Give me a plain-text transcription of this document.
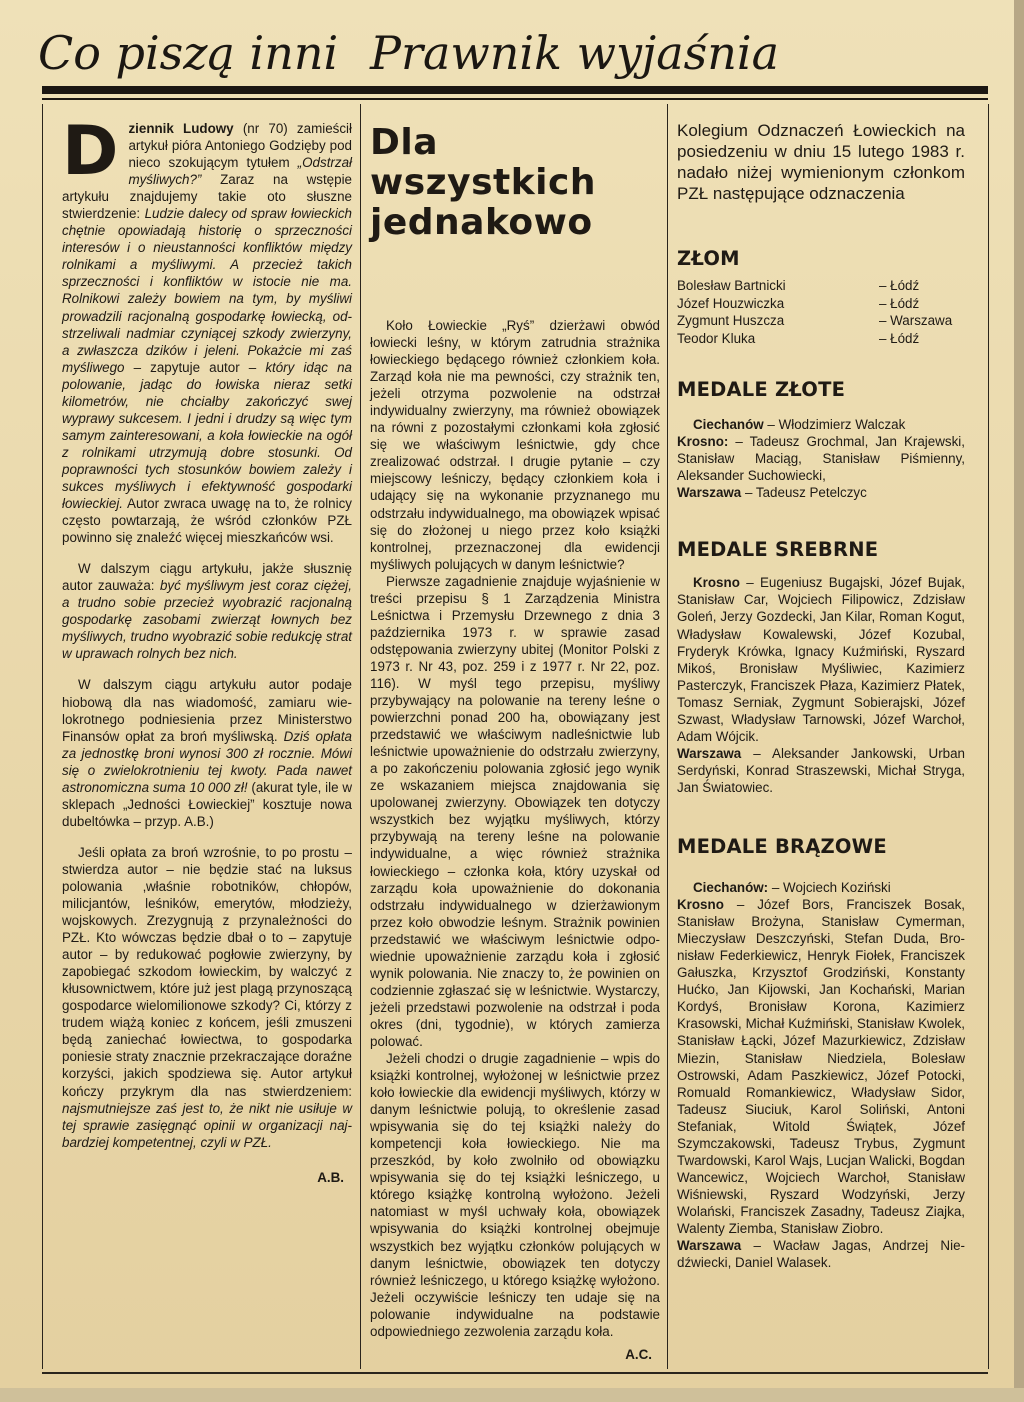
Co piszą inni Prawnik wyjaśnia

D ziennik Ludowy (nr 70) zamieścił artykuł pióra Antoniego Godzięby pod nieco szokującym tytułem „Odstrzał myśliwych?” Zaraz na wstępie artykułu znajdujemy takie oto słuszne stwierdzenie: Ludzie dalecy od spraw łowieckich chętnie opowiadają historię o sprzeczności interesów i o nieustanności konfliktów między rolnikami a myśliwymi. A przecież takich sprzeczności i konfliktów w istocie nie ma. Rolnikowi zależy bowiem na tym, by myśliwi prowadzili racjonalną gospodarkę łowiecką, odstrzeliwali nadmiar czyniącej szkody zwierzyny, a zwłaszcza dzików i jeleni. Pokażcie mi zaś myśliwego – zapytuje autor – który idąc na polowanie, jadąc do łowiska nieraz setki kilometrów, nie chciałby zakończyć swej wyprawy sukcesem. I jedni i drudzy są więc tym samym zainteresowani, a koła łowieckie na ogół z rolnikami utrzymują dobre stosunki. Od poprawności tych stosunków bowiem zależy i sukces myśliwych i efektywność gospodarki łowieckiej. Autor zwraca uwagę na to, że rolnicy często powtarzają, że wśród członków PZŁ powinno się znaleźć więcej mieszkańców wsi.

W dalszym ciągu artykułu, jakże słusznię autor zauważa: być myśliwym jest coraz ciężej, a trudno sobie przecież wyobrazić racjonalną gospodarkę zasobami zwierząt łownych bez myśliwych, trudno wyobrazić sobie redukcję strat w uprawach rolnych bez nich.

W dalszym ciągu artykułu autor podaje hiobową dla nas wiadomość, zamiaru wielokrotnego podniesienia przez Ministerstwo Finansów opłat za broń myśliwską. Dziś opłata za jednostkę broni wynosi 300 zł rocznie. Mówi się o zwielokrotnieniu tej kwoty. Pada nawet astronomiczna suma 10 000 zł! (akurat tyle, ile w sklepach „Jedności Łowieckiej” kosztuje nowa dubeltówka – przyp. A.B.)

Jeśli opłata za broń wzrośnie, to po prostu – stwierdza autor – nie będzie stać na luksus polowania ‚właśnie robotników, chłopów, milicjantów, leśników, emerytów, młodzieży, wojskowych. Zrezygnują z przynależności do PZŁ. Kto wówczas będzie dbał o to – zapytuje autor – by redukować pogłowie zwierzyny, by zapobiegać szkodom łowieckim, by walczyć z kłusownictwem, które już jest plagą przynoszącą gospodarce wielomilionowe szkody? Ci, którzy z trudem wiążą koniec z końcem, jeśli zmuszeni będą zaniechać łowiectwa, to gospodarka poniesie straty znacznie przekraczające doraźne korzyści, jakich spodziewa się. Autor artykuł kończy przykrym dla nas stwierdzeniem: najsmutniejsze zaś jest to, że nikt nie usiłuje w tej sprawie zasięgnąć opinii w organizacji najbardziej kompetentnej, czyli w PZŁ.

A.B.
Dla wszystkich jednakowo

Koło Łowieckie „Ryś” dzierżawi obwód łowiecki leśny, w którym zatrudnia strażnika łowieckiego będącego również członkiem koła. Zarząd koła nie ma pewności, czy strażnik ten, jeżeli otrzyma pozwolenie na odstrzał indywidualny zwierzyny, ma również obowiązek na równi z pozostałymi członkami koła zgłosić się we właściwym leśnictwie, gdy chce zrealizować odstrzał. I drugie pytanie – czy miejscowy leśniczy, będący członkiem koła i udający się na wykonanie przyznanego mu odstrzału indywidualnego, ma obowiązek wpisać się do złożonej u niego przez koło książki kontrolnej, przeznaczonej dla ewidencji myśliwych polujących w danym leśnictwie?

Pierwsze zagadnienie znajduje wyjaśnienie w treści przepisu § 1 Zarządzenia Ministra Leśnictwa i Przemysłu Drzewnego z dnia 3 października 1973 r. w sprawie zasad odstępowania zwierzyny ubitej (Monitor Polski z 1973 r. Nr 43, poz. 259 i z 1977 r. Nr 22, poz. 116). W myśl tego przepisu, myśliwy przybywający na polowanie na tereny leśne o powierzchni ponad 200 ha, obowiązany jest przedstawić we właściwym nadleśnictwie lub leśnictwie upoważnienie do odstrzału zwierzyny, a po zakończeniu polowania zgłosić jego wynik ze wskazaniem miejsca znajdowania się upolowanej zwierzyny. Obowiązek ten dotyczy wszystkich bez wyjątku myśliwych, którzy przybywają na tereny leśne na polowanie indywidualne, a więc również strażnika łowieckiego – członka koła, który uzyskał od zarządu koła upoważnienie do dokonania odstrzału indywidualnego w dzierżawionym przez koło obwodzie leśnym. Strażnik powinien przedstawić we właściwym leśnictwie odpowiednie upoważnienie zarządu koła i zgłosić wynik polowania. Nie znaczy to, że powinien on codziennie zgłaszać się w leśnictwie. Wystarczy, jeżeli przedstawi pozwolenie na odstrzał i poda okres (dni, tygodnie), w których zamierza polować.

Jeżeli chodzi o drugie zagadnienie – wpis do książki kontrolnej, wyłożonej w leśnictwie przez koło łowieckie dla ewidencji myśliwych, którzy w danym leśnictwie polują, to określenie zasad wpisywania się do tej książki należy do kompetencji koła łowieckiego. Nie ma przeszkód, by koło zwolniło od obowiązku wpisywania się do tej książki leśniczego, u którego książkę kontrolną wyłożono. Jeżeli natomiast w myśl uchwały koła, obowiązek wpisywania do książki kontrolnej obejmuje wszystkich bez wyjątku członków polujących w danym leśnictwie, obowiązek ten dotyczy również leśniczego, u którego książkę wyłożono. Jeżeli oczywiście leśniczy ten udaje się na polowanie indywidualne na podstawie odpowiedniego zezwolenia zarządu koła.

A.C.

Kolegium Odznaczeń Łowieckich na posiedzeniu w dniu 15 lutego 1983 r. nadało niżej wymienionym członkom PZŁ następujące odznaczenia

ZŁOM
Bolesław Bartnicki	– Łódź
Józef Houzwiczka	– Łódź
Zygmunt Huszcza	– Warszawa
Teodor Kluka	– Łódź
MEDALE ZŁOTE

Ciechanów – Włodzimierz Walczak
Krosno: – Tadeusz Grochmal, Jan Krajewski, Stanisław Maciąg, Stanisław Piśmienny, Aleksander Suchowiecki,
Warszawa – Tadeusz Petelczyc

MEDALE SREBRNE

Krosno – Eugeniusz Bugajski, Józef Bujak, Stanisław Car, Wojciech Filipowicz, Zdzisław Goleń, Jerzy Gozdecki, Jan Kilar, Roman Kogut, Władysław Kowalewski, Józef Kozubal, Fryderyk Krówka, Ignacy Kuźmiński, Ryszard Mikoś, Bronisław Myśliwiec, Kazimierz Pasterczyk, Franciszek Płaza, Kazimierz Płatek, Tomasz Serniak, Zygmunt Sobierajski, Józef Szwast, Władysław Tarnowski, Józef Warchoł, Adam Wójcik.
Warszawa – Aleksander Jankowski, Urban Serdyński, Konrad Straszewski, Michał Stryga, Jan Światowiec.

MEDALE BRĄZOWE

Ciechanów: – Wojciech Koziński
Krosno – Józef Bors, Franciszek Bosak, Stanisław Brożyna, Stanisław Cymerman, Mieczysław Deszczyński, Stefan Duda, Bronisław Federkiewicz, Henryk Fiołek, Franciszek Gałuszka, Krzysztof Grodziński, Konstanty Hućko, Jan Kijowski, Jan Kochański, Marian Kordyś, Bronisław Korona, Kazimierz Krasowski, Michał Kuźmiński, Stanisław Kwolek, Stanisław Łącki, Józef Mazurkiewicz, Zdzisław Miezin, Stanisław Niedziela, Bolesław Ostrowski, Adam Paszkiewicz, Józef Potocki, Romuald Romankiewicz, Władysław Sidor, Tadeusz Siuciuk, Karol Soliński, Antoni Stefaniak, Witold Świątek, Józef Szymczakowski, Tadeusz Trybus, Zygmunt Twardowski, Karol Wajs, Lucjan Walicki, Bogdan Wancewicz, Wojciech Warchoł, Stanisław Wiśniewski, Ryszard Wodzyński, Jerzy Wolański, Franciszek Zasadny, Tadeusz Ziajka, Walenty Ziemba, Stanisław Ziobro.
Warszawa – Wacław Jagas, Andrzej Niedźwiecki, Daniel Walasek.
